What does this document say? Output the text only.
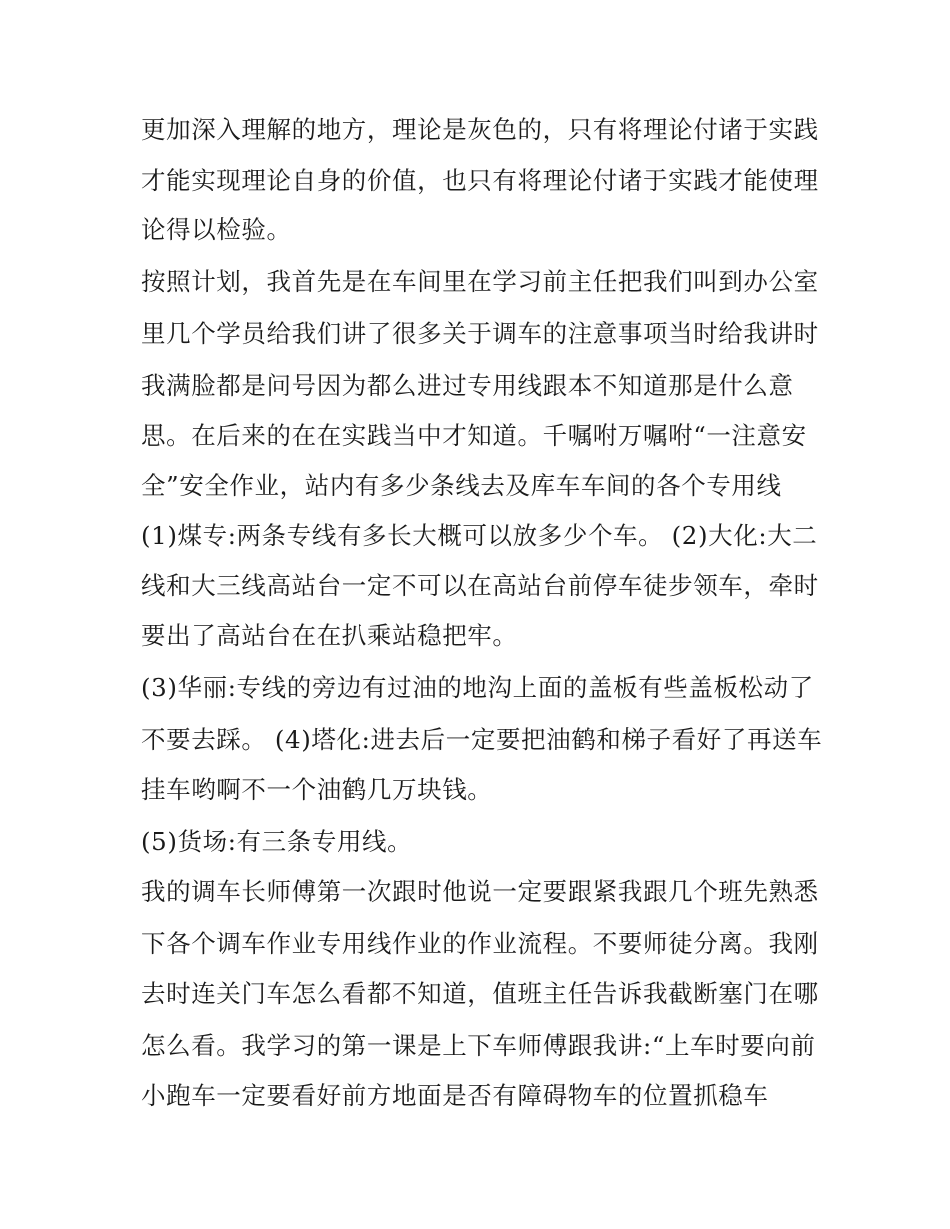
更加深入理解的地方，理论是灰色的，只有将理论付诸于实践
才能实现理论自身的价值，也只有将理论付诸于实践才能使理
论得以检验。
按照计划，我首先是在车间里在学习前主任把我们叫到办公室
里几个学员给我们讲了很多关于调车的注意事项当时给我讲时
我满脸都是问号因为都么进过专用线跟本不知道那是什么意
思。在后来的在在实践当中才知道。千嘱咐万嘱咐“一注意安
全”安全作业，站内有多少条线去及库车车间的各个专用线
(1)煤专:两条专线有多长大概可以放多少个车。 (2)大化:大二
线和大三线高站台一定不可以在高站台前停车徒步领车，牵时
要出了高站台在在扒乘站稳把牢。
(3)华丽:专线的旁边有过油的地沟上面的盖板有些盖板松动了
不要去踩。 (4)塔化:进去后一定要把油鹤和梯子看好了再送车
挂车哟啊不一个油鹤几万块钱。
(5)货场:有三条专用线。
我的调车长师傅第一次跟时他说一定要跟紧我跟几个班先熟悉
下各个调车作业专用线作业的作业流程。不要师徒分离。我刚
去时连关门车怎么看都不知道，值班主任告诉我截断塞门在哪
怎么看。我学习的第一课是上下车师傅跟我讲:“上车时要向前
小跑车一定要看好前方地面是否有障碍物车的位置抓稳车
